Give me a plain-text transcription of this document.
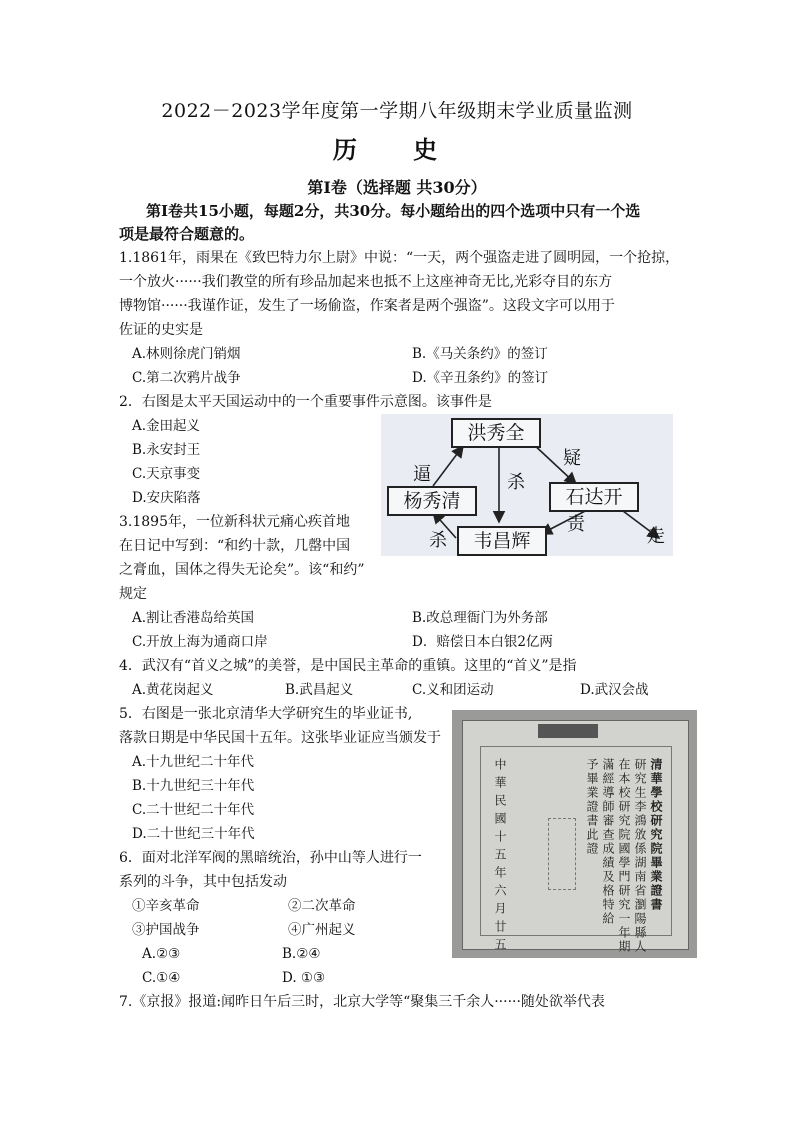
2022－2023学年度第一学期八年级期末学业质量监测
历 史
第Ⅰ卷（选择题 共30分）
第Ⅰ卷共15小题，每题2分，共30分。每小题给出的四个选项中只有一个选
项是最符合题意的。
1.1861年，雨果在《致巴特力尔上尉》中说：“一天，两个强盗走进了圆明园，一个抢掠，
一个放火······我们教堂的所有珍品加起来也抵不上这座神奇无比,光彩夺目的东方
博物馆······我谨作证，发生了一场偷盗，作案者是两个强盗”。这段文字可以用于
佐证的史实是
A.林则徐虎门销烟	B.《马关条约》的签订
C.第二次鸦片战争	D.《辛丑条约》的签订
2．右图是太平天国运动中的一个重要事件示意图。该事件是
A.金田起义
B.永安封王
C.天京事变
D.安庆陷落
洪秀全
杨秀清	石达开
韦昌辉
逼	杀
疑
杀
责
走
3.1895年，一位新科状元痛心疾首地
在日记中写到：“和约十款，几罄中国
之膏血，国体之得失无论矣”。该“和约”
规定
A.割让香港岛给英国	B.改总理衙门为外务部
C.开放上海为通商口岸	D．赔偿日本白银2亿两
4．武汉有“首义之城”的美誉，是中国民主革命的重镇。这里的“首义”是指
A.黄花岗起义	B.武昌起义	C.义和团运动	D.武汉会战
5．右图是一张北京清华大学研究生的毕业证书,
落款日期是中华民国十五年。这张毕业证应当颁发于
A.十九世纪二十年代
B.十九世纪三十年代
C.二十世纪二十年代
D.二十世纪三十年代	清華學校研究院畢業證書
研究生李鴻攽係湖南省瀏陽縣人
在本校研究院國學門研究一年期
滿經導師審查成績及格特給
予畢業證書此證
中華民國十五年六月廿五
6．面对北洋军阀的黑暗统治，孙中山等人进行一
系列的斗争，其中包括发动
①辛亥革命	②二次革命
③护国战争	④广州起义
A.②③	B.②④
C.①④	D. ①③
7.《京报》报道:闻昨日午后三时，北京大学等“聚集三千余人······随处欲举代表
